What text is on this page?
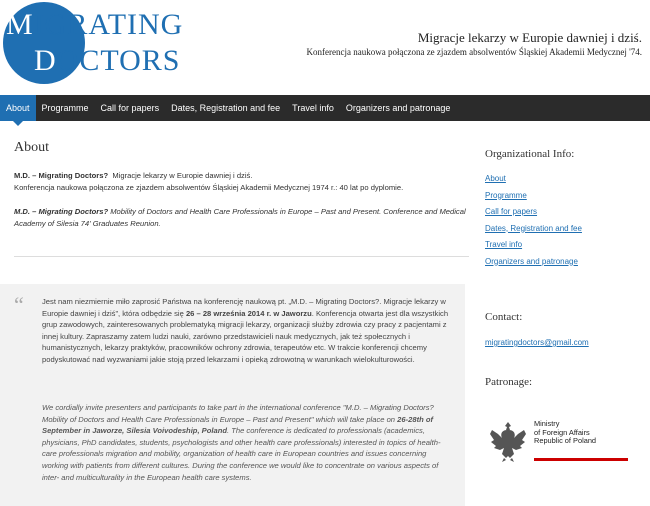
MIGRATING
DOCTORS
Migracje lekarzy w Europie dawniej i dziś.
Konferencja naukowa połączona ze zjazdem absolwentów Śląskiej Akademii Medycznej '74.
About	Programme	Call for papers	Dates, Registration and fee	Travel info	Organizers and patronage
About

M.D. – Migrating Doctors? Migracje lekarzy w Europie dawniej i dziś.
Konferencja naukowa połączona ze zjazdem absolwentów Śląskiej Akademii Medycznej 1974 r.: 40 lat po dyplomie.

M.D. – Migrating Doctors? Mobility of Doctors and Health Care Professionals in Europe – Past and Present. Conference and Medical Academy of Silesia 74' Graduates Reunion.

“ Jest nam niezmiernie miło zaprosić Państwa na konferencję naukową pt. „M.D. – Migrating Doctors?. Migracje lekarzy w Europie dawniej i dziś”, która odbędzie się 26 – 28 września 2014 r. w Jaworzu. Konferencja otwarta jest dla wszystkich grup zawodowych, zainteresowanych problematyką migracji lekarzy, organizacji służby zdrowia czy pracy z pacjentami z innej kultury. Zapraszamy zatem ludzi nauki, zarówno przedstawicieli nauk medycznych, jak też społecznych i humanistycznych, lekarzy praktyków, pracowników ochrony zdrowia, terapeutów etc. W trakcie konferencji chcemy podyskutować nad wyzwaniami jakie stoją przed lekarzami i opieką zdrowotną w warunkach wielokulturowości.

We cordially invite presenters and participants to take part in the international conference "M.D. – Migrating Doctors? Mobility of Doctors and Health Care Professionals in Europe – Past and Present" which will take place on 26-28th of September in Jaworze, Silesia Voivodeship, Poland. The conference is dedicated to professionals (academics, physicians, PhD candidates, students, psychologists and other health care professionals) interested in topics of health-care professionals migration and mobility, organization of health care in European countries and issues concerning working with patients from different cultures. During the conference we would like to concentrate on various aspects of inter- and multiculturality in the European health care systems.

Organizational Info:
About
Programme
Call for papers
Dates, Registration and fee
Travel info
Organizers and patronage
Contact:
migratingdoctors@gmail.com
Patronage:
Ministry
of Foreign Affairs
Republic of Poland
